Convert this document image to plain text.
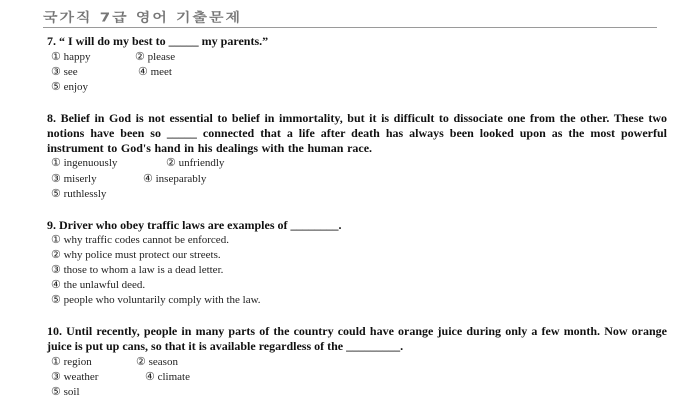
국가직 7급 영어 기출문제
7. “ I will do my best to _____ my parents.”
① happy	② please
③ see	④ meet
⑤ enjoy
8. Belief in God is not essential to belief in immortality, but it is difficult to dissociate one from the other. These two notions have been so _____ connected that a life after death has always been looked upon as the most powerful instrument to God's hand in his dealings with the human race.
① ingenuously	② unfriendly
③ miserly	④ inseparably
⑤ ruthlessly
9. Driver who obey traffic laws are examples of ________.
① why traffic codes cannot be enforced.
② why police must protect our streets.
③ those to whom a law is a dead letter.
④ the unlawful deed.
⑤ people who voluntarily comply with the law.
10. Until recently, people in many parts of the country could have orange juice during only a few month. Now orange juice is put up cans, so that it is available regardless of the _________.
① region	② season
③ weather	④ climate
⑤ soil
